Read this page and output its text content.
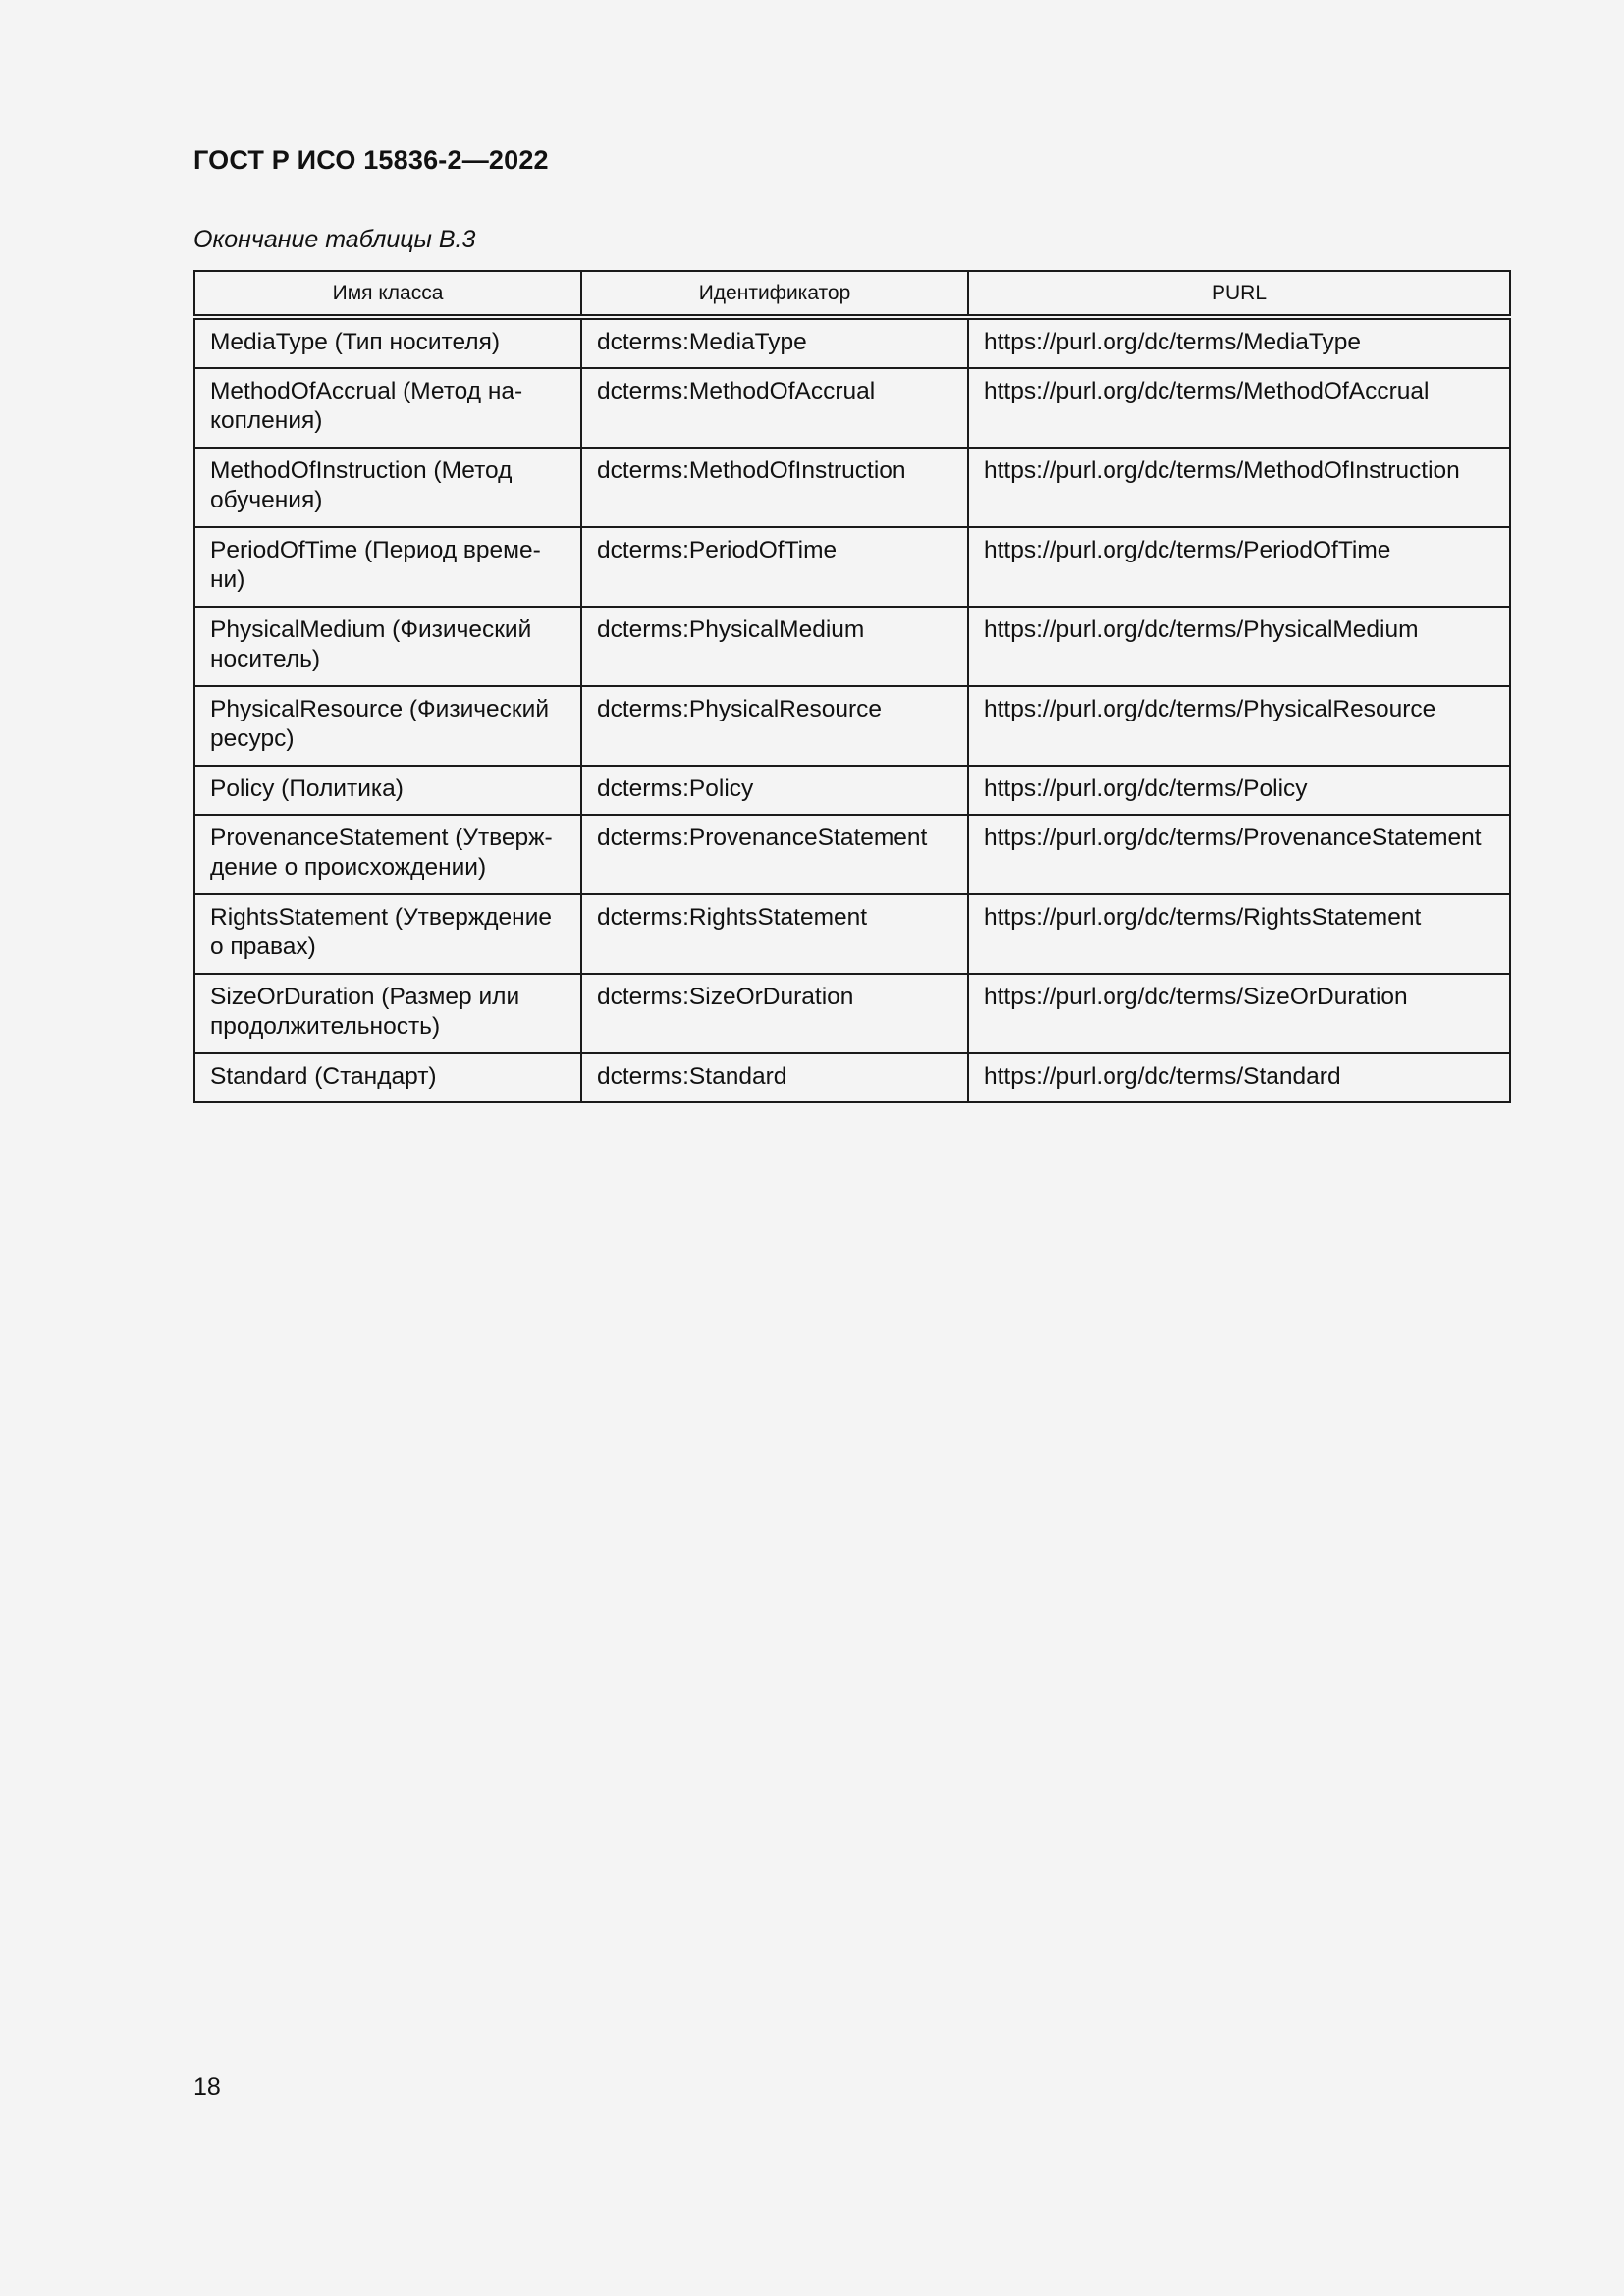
ГОСТ Р ИСО 15836-2—2022

Окончание таблицы В.3

Имя класса	Идентификатор	PURL
MediaType (Тип носителя)	dcterms:MediaType	https://purl.org/dc/terms/MediaType
MethodOfAccrual (Метод на-копления)	dcterms:MethodOfAccrual	https://purl.org/dc/terms/MethodOfAccrual
MethodOfInstruction (Метод обучения)	dcterms:MethodOfInstruction	https://purl.org/dc/terms/MethodOfInstruction
PeriodOfTime (Период време-ни)	dcterms:PeriodOfTime	https://purl.org/dc/terms/PeriodOfTime
PhysicalMedium (Физический носитель)	dcterms:PhysicalMedium	https://purl.org/dc/terms/PhysicalMedium
PhysicalResource (Физический ресурс)	dcterms:PhysicalResource	https://purl.org/dc/terms/PhysicalResource
Policy (Политика)	dcterms:Policy	https://purl.org/dc/terms/Policy
ProvenanceStatement (Утверж-дение о происхождении)	dcterms:ProvenanceStatement	https://purl.org/dc/terms/ProvenanceStatement
RightsStatement (Утверждение о правах)	dcterms:RightsStatement	https://purl.org/dc/terms/RightsStatement
SizeOrDuration (Размер или продолжительность)	dcterms:SizeOrDuration	https://purl.org/dc/terms/SizeOrDuration
Standard (Стандарт)	dcterms:Standard	https://purl.org/dc/terms/Standard

18
